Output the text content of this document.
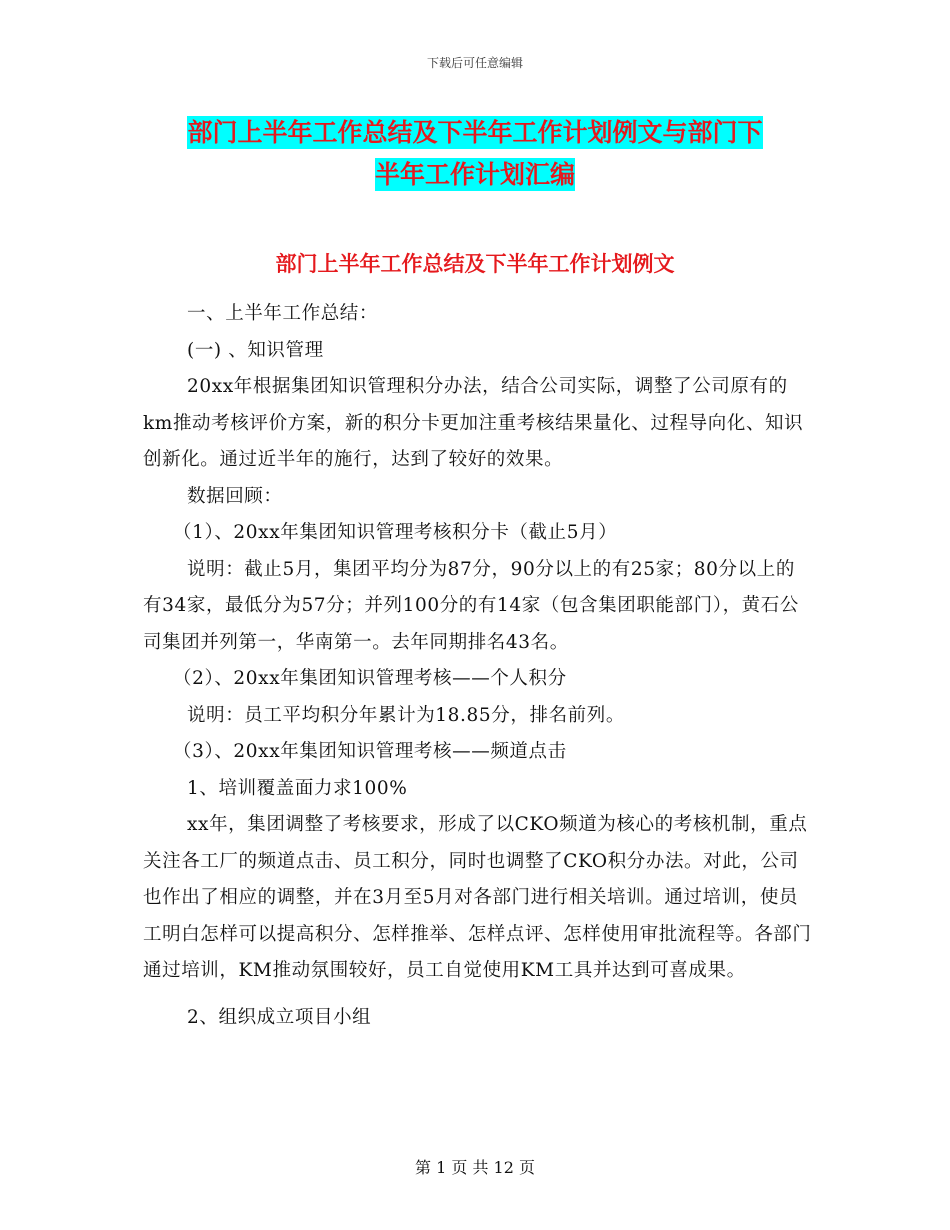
下载后可任意编辑
部门上半年工作总结及下半年工作计划例文与部门下
半年工作计划汇编
部门上半年工作总结及下半年工作计划例文

一、上半年工作总结：

(一) 、知识管理

20xx年根据集团知识管理积分办法，结合公司实际，调整了公司原有的km推动考核评价方案，新的积分卡更加注重考核结果量化、过程导向化、知识创新化。通过近半年的施行，达到了较好的效果。

数据回顾：

（1）、20xx年集团知识管理考核积分卡（截止5月）

说明：截止5月，集团平均分为87分，90分以上的有25家；80分以上的有34家，最低分为57分；并列100分的有14家（包含集团职能部门），黄石公司集团并列第一，华南第一。去年同期排名43名。

（2）、20xx年集团知识管理考核——个人积分

说明：员工平均积分年累计为18.85分，排名前列。

（3）、20xx年集团知识管理考核——频道点击

1、培训覆盖面力求100%

xx年，集团调整了考核要求，形成了以CKO频道为核心的考核机制，重点关注各工厂的频道点击、员工积分，同时也调整了CKO积分办法。对此，公司也作出了相应的调整，并在3月至5月对各部门进行相关培训。通过培训，使员工明白怎样可以提高积分、怎样推举、怎样点评、怎样使用审批流程等。各部门通过培训，KM推动氛围较好，员工自觉使用KM工具并达到可喜成果。

2、组织成立项目小组

第 1 页 共 12 页
